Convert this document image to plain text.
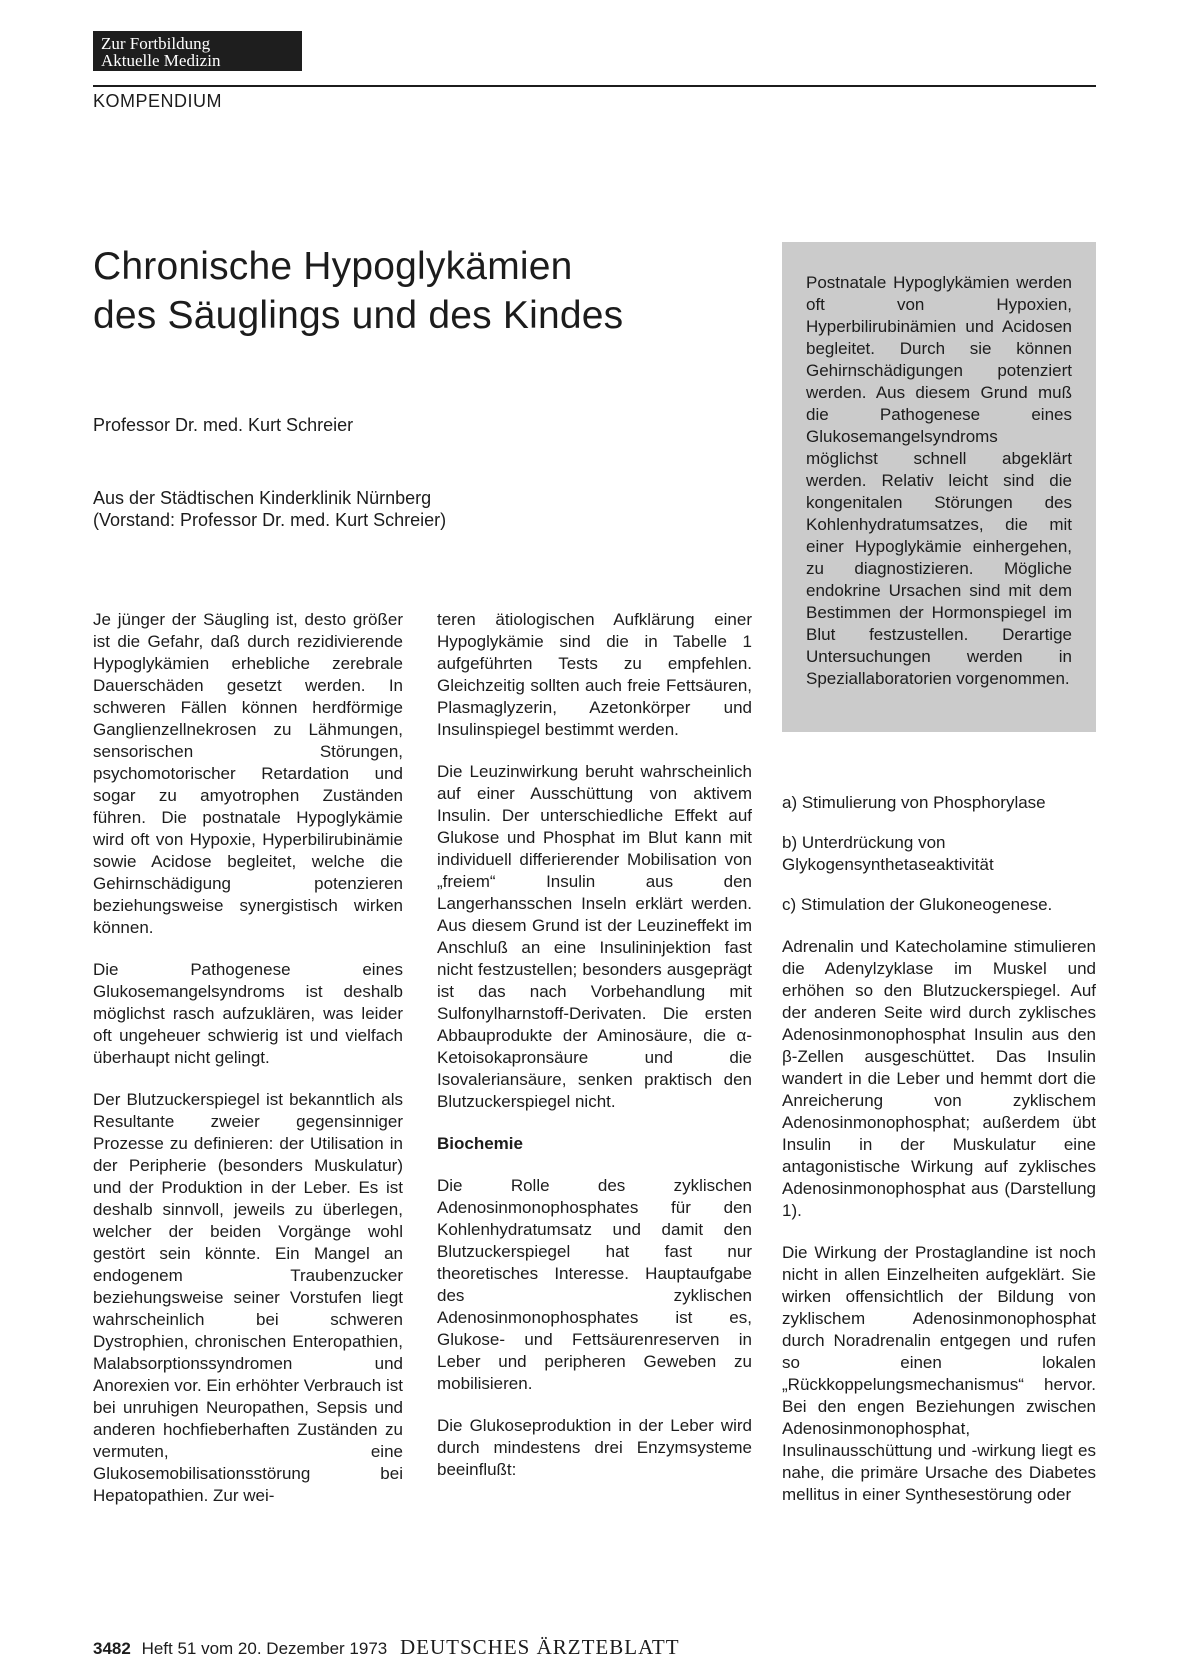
Zur Fortbildung
Aktuelle Medizin
KOMPENDIUM
Chronische Hypoglykämien
des Säuglings und des Kindes
Professor Dr. med. Kurt Schreier
Aus der Städtischen Kinderklinik Nürnberg
(Vorstand: Professor Dr. med. Kurt Schreier)
Postnatale Hypoglykämien werden oft von Hypoxien, Hyperbilirubinämien und Acidosen begleitet. Durch sie können Gehirnschädigungen potenziert werden. Aus diesem Grund muß die Pathogenese eines Glukosemangelsyndroms möglichst schnell abgeklärt werden. Relativ leicht sind die kongenitalen Störungen des Kohlenhydratumsatzes, die mit einer Hypoglykämie einhergehen, zu diagnostizieren. Mögliche endokrine Ursachen sind mit dem Bestimmen der Hormonspiegel im Blut festzustellen. Derartige Untersuchungen werden in Speziallaboratorien vorgenommen.
Je jünger der Säugling ist, desto größer ist die Gefahr, daß durch rezidivierende Hypoglykämien erhebliche zerebrale Dauerschäden gesetzt werden. In schweren Fällen können herdförmige Ganglienzellnekrosen zu Lähmungen, sensorischen Störungen, psychomotorischer Retardation und sogar zu amyotrophen Zuständen führen. Die postnatale Hypoglykämie wird oft von Hypoxie, Hyperbilirubinämie sowie Acidose begleitet, welche die Gehirnschädigung potenzieren beziehungsweise synergistisch wirken können.
Die Pathogenese eines Glukosemangelsyndroms ist deshalb möglichst rasch aufzuklären, was leider oft ungeheuer schwierig ist und vielfach überhaupt nicht gelingt.
Der Blutzuckerspiegel ist bekanntlich als Resultante zweier gegensinniger Prozesse zu definieren: der Utilisation in der Peripherie (besonders Muskulatur) und der Produktion in der Leber. Es ist deshalb sinnvoll, jeweils zu überlegen, welcher der beiden Vorgänge wohl gestört sein könnte. Ein Mangel an endogenem Traubenzucker beziehungsweise seiner Vorstufen liegt wahrscheinlich bei schweren Dystrophien, chronischen Enteropathien, Malabsorptionssyndromen und Anorexien vor. Ein erhöhter Verbrauch ist bei unruhigen Neuropathen, Sepsis und anderen hochfieberhaften Zuständen zu vermuten, eine Glukosemobilisationsstörung bei Hepatopathien. Zur wei-
teren ätiologischen Aufklärung einer Hypoglykämie sind die in Tabelle 1 aufgeführten Tests zu empfehlen. Gleichzeitig sollten auch freie Fettsäuren, Plasmaglyzerin, Azetonkörper und Insulinspiegel bestimmt werden.
Die Leuzinwirkung beruht wahrscheinlich auf einer Ausschüttung von aktivem Insulin. Der unterschiedliche Effekt auf Glukose und Phosphat im Blut kann mit individuell differierender Mobilisation von „freiem“ Insulin aus den Langerhansschen Inseln erklärt werden. Aus diesem Grund ist der Leuzineffekt im Anschluß an eine Insulininjektion fast nicht festzustellen; besonders ausgeprägt ist das nach Vorbehandlung mit Sulfonylharnstoff-Derivaten. Die ersten Abbauprodukte der Aminosäure, die α-Ketoisokapronsäure und die Isovaleriansäure, senken praktisch den Blutzuckerspiegel nicht.
Biochemie
Die Rolle des zyklischen Adenosinmonophosphates für den Kohlenhydratumsatz und damit den Blutzuckerspiegel hat fast nur theoretisches Interesse. Hauptaufgabe des zyklischen Adenosinmonophosphates ist es, Glukose- und Fettsäurenreserven in Leber und peripheren Geweben zu mobilisieren.
Die Glukoseproduktion in der Leber wird durch mindestens drei Enzymsysteme beeinflußt:
a) Stimulierung von Phosphorylase
b) Unterdrückung von Glykogensynthetaseaktivität
c) Stimulation der Glukoneogenese.
Adrenalin und Katecholamine stimulieren die Adenylzyklase im Muskel und erhöhen so den Blutzuckerspiegel. Auf der anderen Seite wird durch zyklisches Adenosinmonophosphat Insulin aus den β-Zellen ausgeschüttet. Das Insulin wandert in die Leber und hemmt dort die Anreicherung von zyklischem Adenosinmonophosphat; außerdem übt Insulin in der Muskulatur eine antagonistische Wirkung auf zyklisches Adenosinmonophosphat aus (Darstellung 1).
Die Wirkung der Prostaglandine ist noch nicht in allen Einzelheiten aufgeklärt. Sie wirken offensichtlich der Bildung von zyklischem Adenosinmonophosphat durch Noradrenalin entgegen und rufen so einen lokalen „Rückkoppelungsmechanismus“ hervor. Bei den engen Beziehungen zwischen Adenosinmonophosphat, Insulinausschüttung und -wirkung liegt es nahe, die primäre Ursache des Diabetes mellitus in einer Synthesestörung oder
3482 Heft 51 vom 20. Dezember 1973 DEUTSCHES ÄRZTEBLATT
